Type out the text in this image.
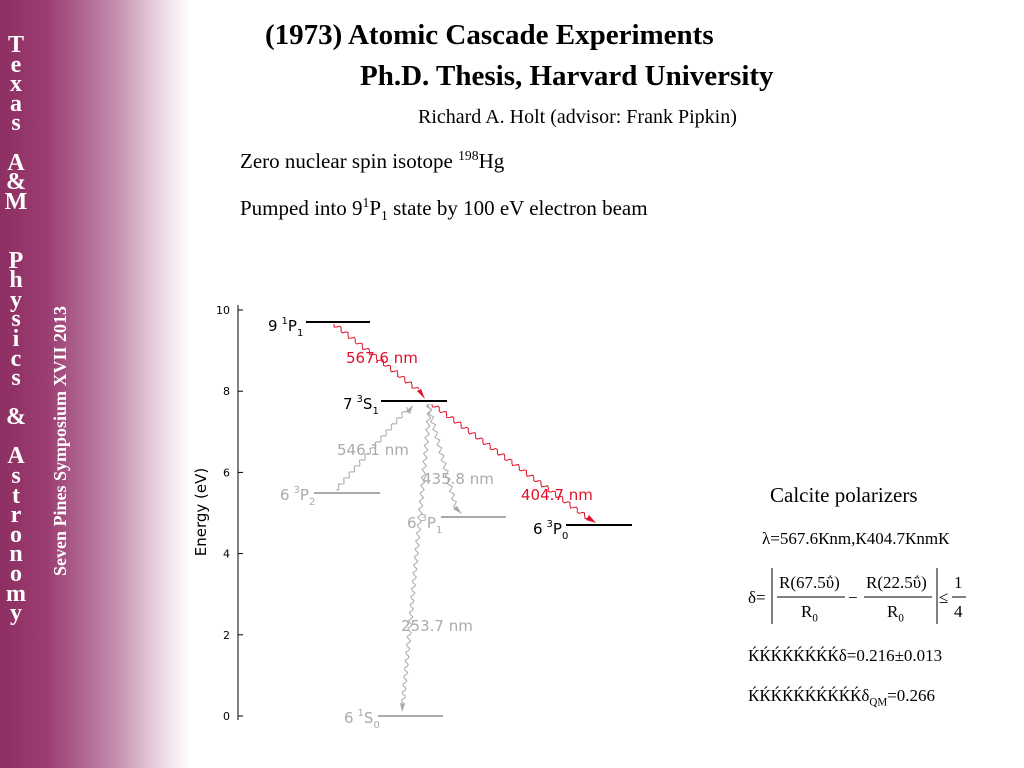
T
e
x
a
s

A
&
M

P
h
y
s
i
c
s

&

A
s
t
r
o
n
o
m
y
Seven Pines Symposium XVII 2013
(1973) Atomic Cascade Experiments
Ph.D. Thesis, Harvard University
Richard A. Holt (advisor: Frank Pipkin)
Zero nuclear spin isotope $^{198}$Hg
Pumped into $9^1P_1$ state by 100 eV electron beam
0
2
4
6
8
10
Energy (eV)
9 $^1P_1$
7 $^3S_1$
6 $^3P_2$
6 $^3P_1$	6 $^3P_0$
6 $^1S_0$
567.6 nm
546.1 nm
435.8 nm
404.7 nm
253.7 nm
Calcite polarizers
λ=567.6Кnm,К404.7КnmК
δ=
R(67.5ΰ)
$R_0$
−
R(22.5ΰ)
$R_0$
≤
1
4
ЌЌЌЌЌЌЌЌδ=0.216±0.013
ЌЌЌЌЌЌЌЌЌЌδ$_{QM}$=0.266
